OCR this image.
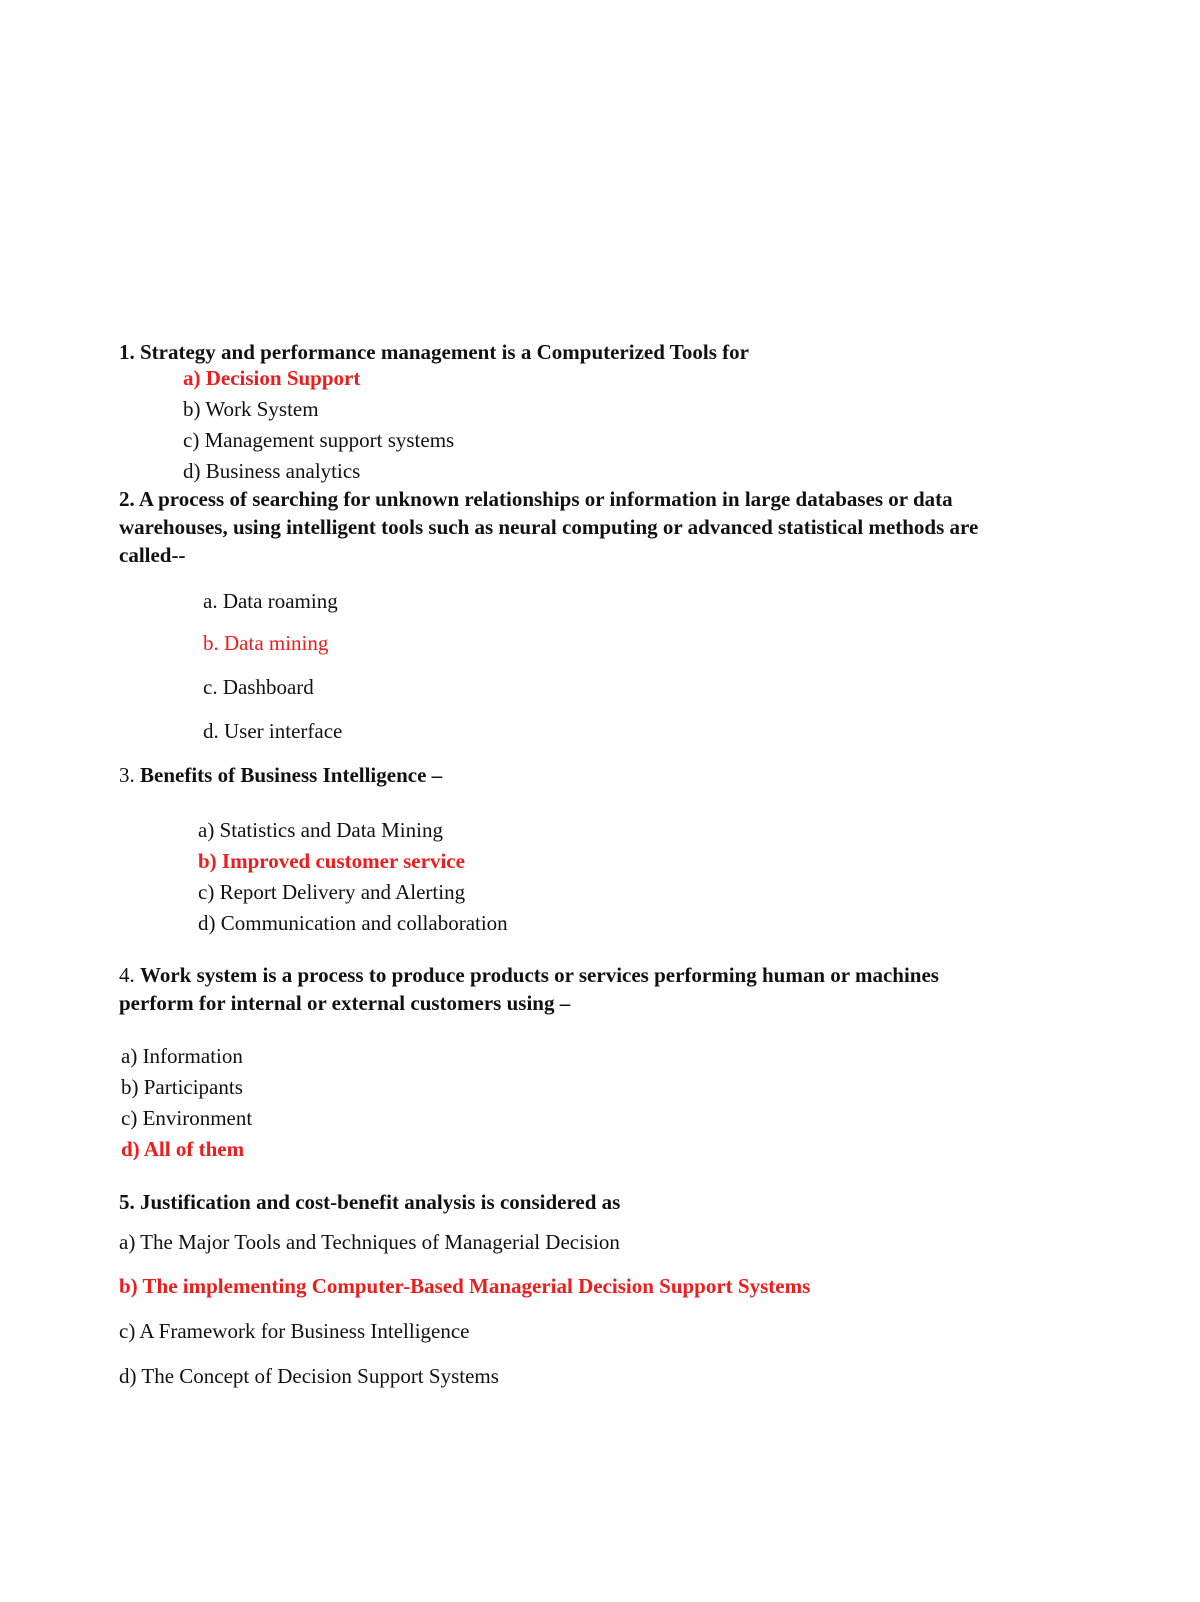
1. Strategy and performance management is a Computerized Tools for
a) Decision Support
b) Work System
c) Management support systems
d) Business analytics
2. A process of searching for unknown relationships or information in large databases or data
warehouses, using intelligent tools such as neural computing or advanced statistical methods are
called--
a. Data roaming
b. Data mining
c. Dashboard
d. User interface
3. Benefits of Business Intelligence –
a) Statistics and Data Mining
b) Improved customer service
c) Report Delivery and Alerting
d) Communication and collaboration
4. Work system is a process to produce products or services performing human or machines
perform for internal or external customers using –
a) Information
b) Participants
c) Environment
d) All of them
5. Justification and cost-benefit analysis is considered as
a) The Major Tools and Techniques of Managerial Decision
b) The implementing Computer-Based Managerial Decision Support Systems
c) A Framework for Business Intelligence
d) The Concept of Decision Support Systems
